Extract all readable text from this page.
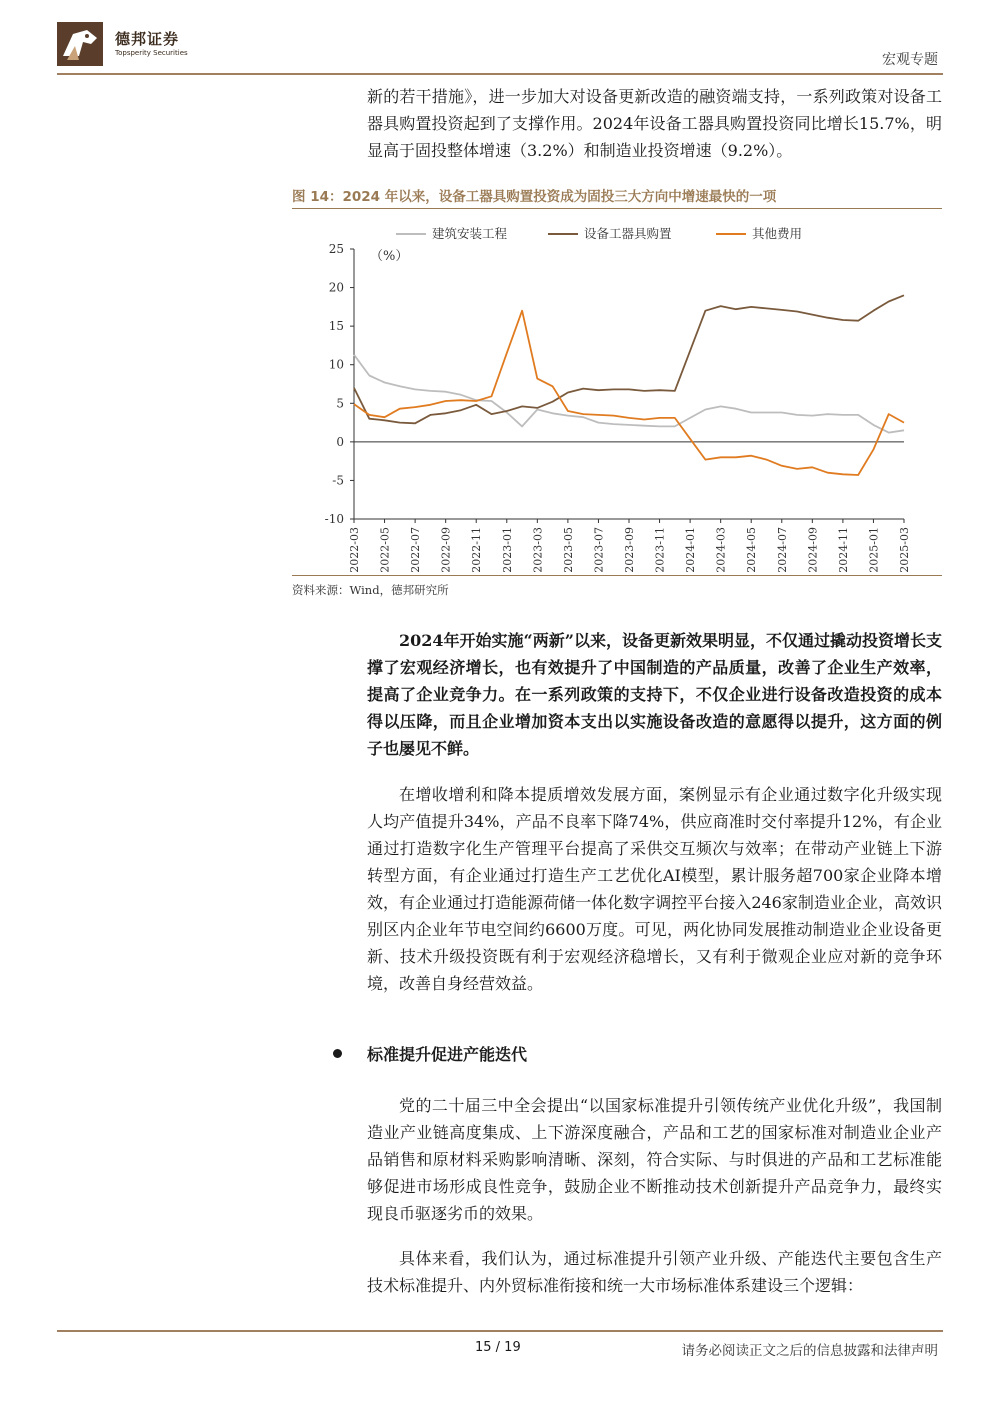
德邦证券
Topsperity Securities	宏观专题
新的若干措施》，进一步加大对设备更新改造的融资端支持，一系列政策对设备工器具购置投资起到了支撑作用。2024年设备工器具购置投资同比增长15.7%，明显高于固投整体增速（3.2%）和制造业投资增速（9.2%）。
图 14：2024 年以来，设备工器具购置投资成为固投三大方向中增速最快的一项
建筑安装工程	设备工器具购置	其他费用
（%）
-10
-5
0
5
10
15
20
25
2022-03 2022-05 2022-07 2022-09 2022-11 2023-01 2023-03 2023-05 2023-07 2023-09 2023-11 2024-01 2024-03 2024-05 2024-07 2024-09 2024-11 2025-01 2025-03
资料来源：Wind，德邦研究所
2024年开始实施“两新”以来，设备更新效果明显，不仅通过撬动投资增长支撑了宏观经济增长，也有效提升了中国制造的产品质量，改善了企业生产效率，提高了企业竞争力。在一系列政策的支持下，不仅企业进行设备改造投资的成本得以压降，而且企业增加资本支出以实施设备改造的意愿得以提升，这方面的例子也屡见不鲜。
在增收增利和降本提质增效发展方面，案例显示有企业通过数字化升级实现人均产值提升34%，产品不良率下降74%，供应商准时交付率提升12%，有企业通过打造数字化生产管理平台提高了采供交互频次与效率；在带动产业链上下游转型方面，有企业通过打造生产工艺优化AI模型，累计服务超700家企业降本增效，有企业通过打造能源荷储一体化数字调控平台接入246家制造业企业，高效识别区内企业年节电空间约6600万度。可见，两化协同发展推动制造业企业设备更新、技术升级投资既有利于宏观经济稳增长，又有利于微观企业应对新的竞争环境，改善自身经营效益。
标准提升促进产能迭代
党的二十届三中全会提出“以国家标准提升引领传统产业优化升级”，我国制造业产业链高度集成、上下游深度融合，产品和工艺的国家标准对制造业企业产品销售和原材料采购影响清晰、深刻，符合实际、与时俱进的产品和工艺标准能够促进市场形成良性竞争，鼓励企业不断推动技术创新提升产品竞争力，最终实现良币驱逐劣币的效果。
具体来看，我们认为，通过标准提升引领产业升级、产能迭代主要包含生产技术标准提升、内外贸标准衔接和统一大市场标准体系建设三个逻辑：
15 / 19	请务必阅读正文之后的信息披露和法律声明
